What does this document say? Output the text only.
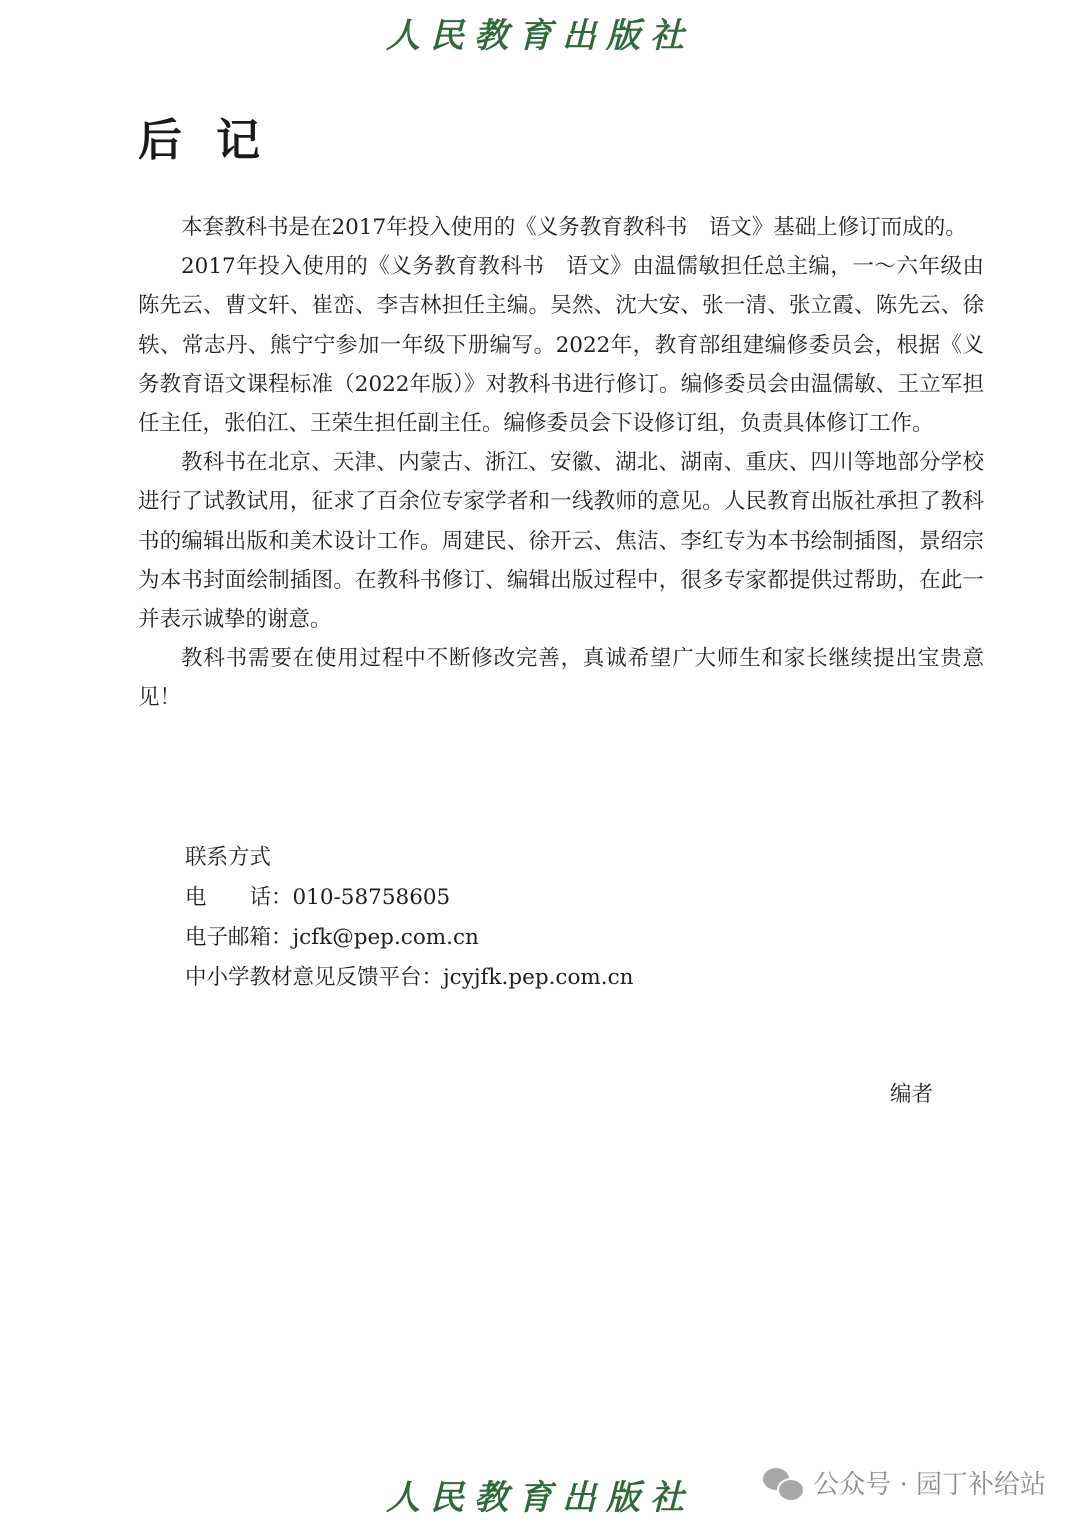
人民教育出版社
后记

本套教科书是在2017年投入使用的《义务教育教科书　语文》基础上修订而成的。

2017年投入使用的《义务教育教科书　语文》由温儒敏担任总主编，一～六年级由陈先云、曹文轩、崔峦、李吉林担任主编。吴然、沈大安、张一清、张立霞、陈先云、徐轶、常志丹、熊宁宁参加一年级下册编写。2022年，教育部组建编修委员会，根据《义务教育语文课程标准（2022年版）》对教科书进行修订。编修委员会由温儒敏、王立军担任主任，张伯江、王荣生担任副主任。编修委员会下设修订组，负责具体修订工作。

教科书在北京、天津、内蒙古、浙江、安徽、湖北、湖南、重庆、四川等地部分学校进行了试教试用，征求了百余位专家学者和一线教师的意见。人民教育出版社承担了教科书的编辑出版和美术设计工作。周建民、徐开云、焦洁、李红专为本书绘制插图，景绍宗为本书封面绘制插图。在教科书修订、编辑出版过程中，很多专家都提供过帮助，在此一并表示诚挚的谢意。

教科书需要在使用过程中不断修改完善，真诚希望广大师生和家长继续提出宝贵意见！

联系方式
电　　话：010-58758605
电子邮箱：jcfk@pep.com.cn
中小学教材意见反馈平台：jcyjfk.pep.com.cn
编者
人民教育出版社	公众号 · 园丁补给站
